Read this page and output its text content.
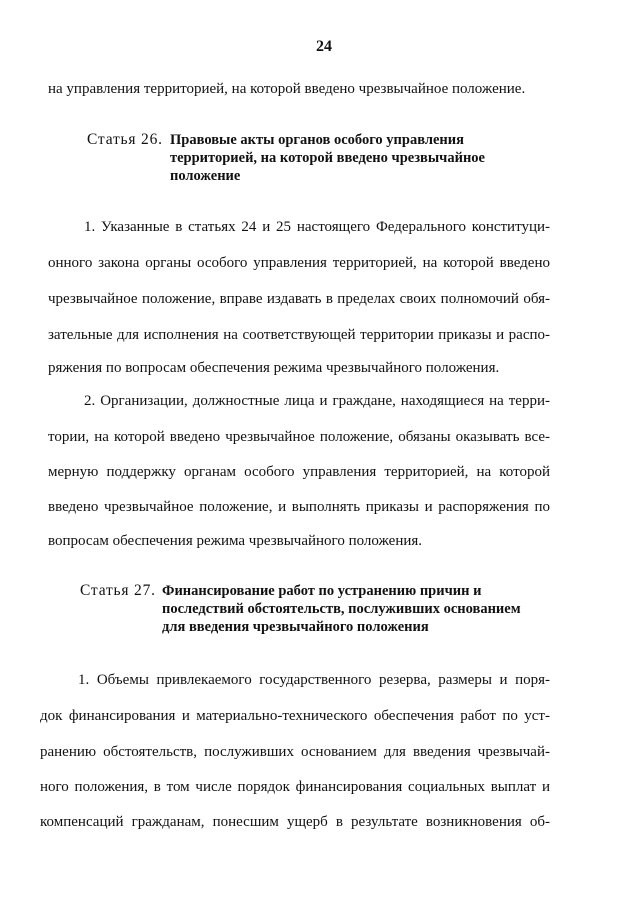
24
на управления территорией, на которой введено чрезвычайное положение.
Статья 26. Правовые акты органов особого управления
территорией, на которой введено чрезвычайное
положение
1. Указанные в статьях 24 и 25 настоящего Федерального конституци-
онного закона органы особого управления территорией, на которой введено
чрезвычайное положение, вправе издавать в пределах своих полномочий обя-
зательные для исполнения на соответствующей территории приказы и распо-
ряжения по вопросам обеспечения режима чрезвычайного положения.
2. Организации, должностные лица и граждане, находящиеся на терри-
тории, на которой введено чрезвычайное положение, обязаны оказывать все-
мерную поддержку органам особого управления территорией, на которой
введено чрезвычайное положение, и выполнять приказы и распоряжения по
вопросам обеспечения режима чрезвычайного положения.
Статья 27. Финансирование работ по устранению причин и
последствий обстоятельств, послуживших основанием
для введения чрезвычайного положения
1. Объемы привлекаемого государственного резерва, размеры и поря-
док финансирования и материально-технического обеспечения работ по уст-
ранению обстоятельств, послуживших основанием для введения чрезвычай-
ного положения, в том числе порядок финансирования социальных выплат и
компенсаций гражданам, понесшим ущерб в результате возникновения об-
